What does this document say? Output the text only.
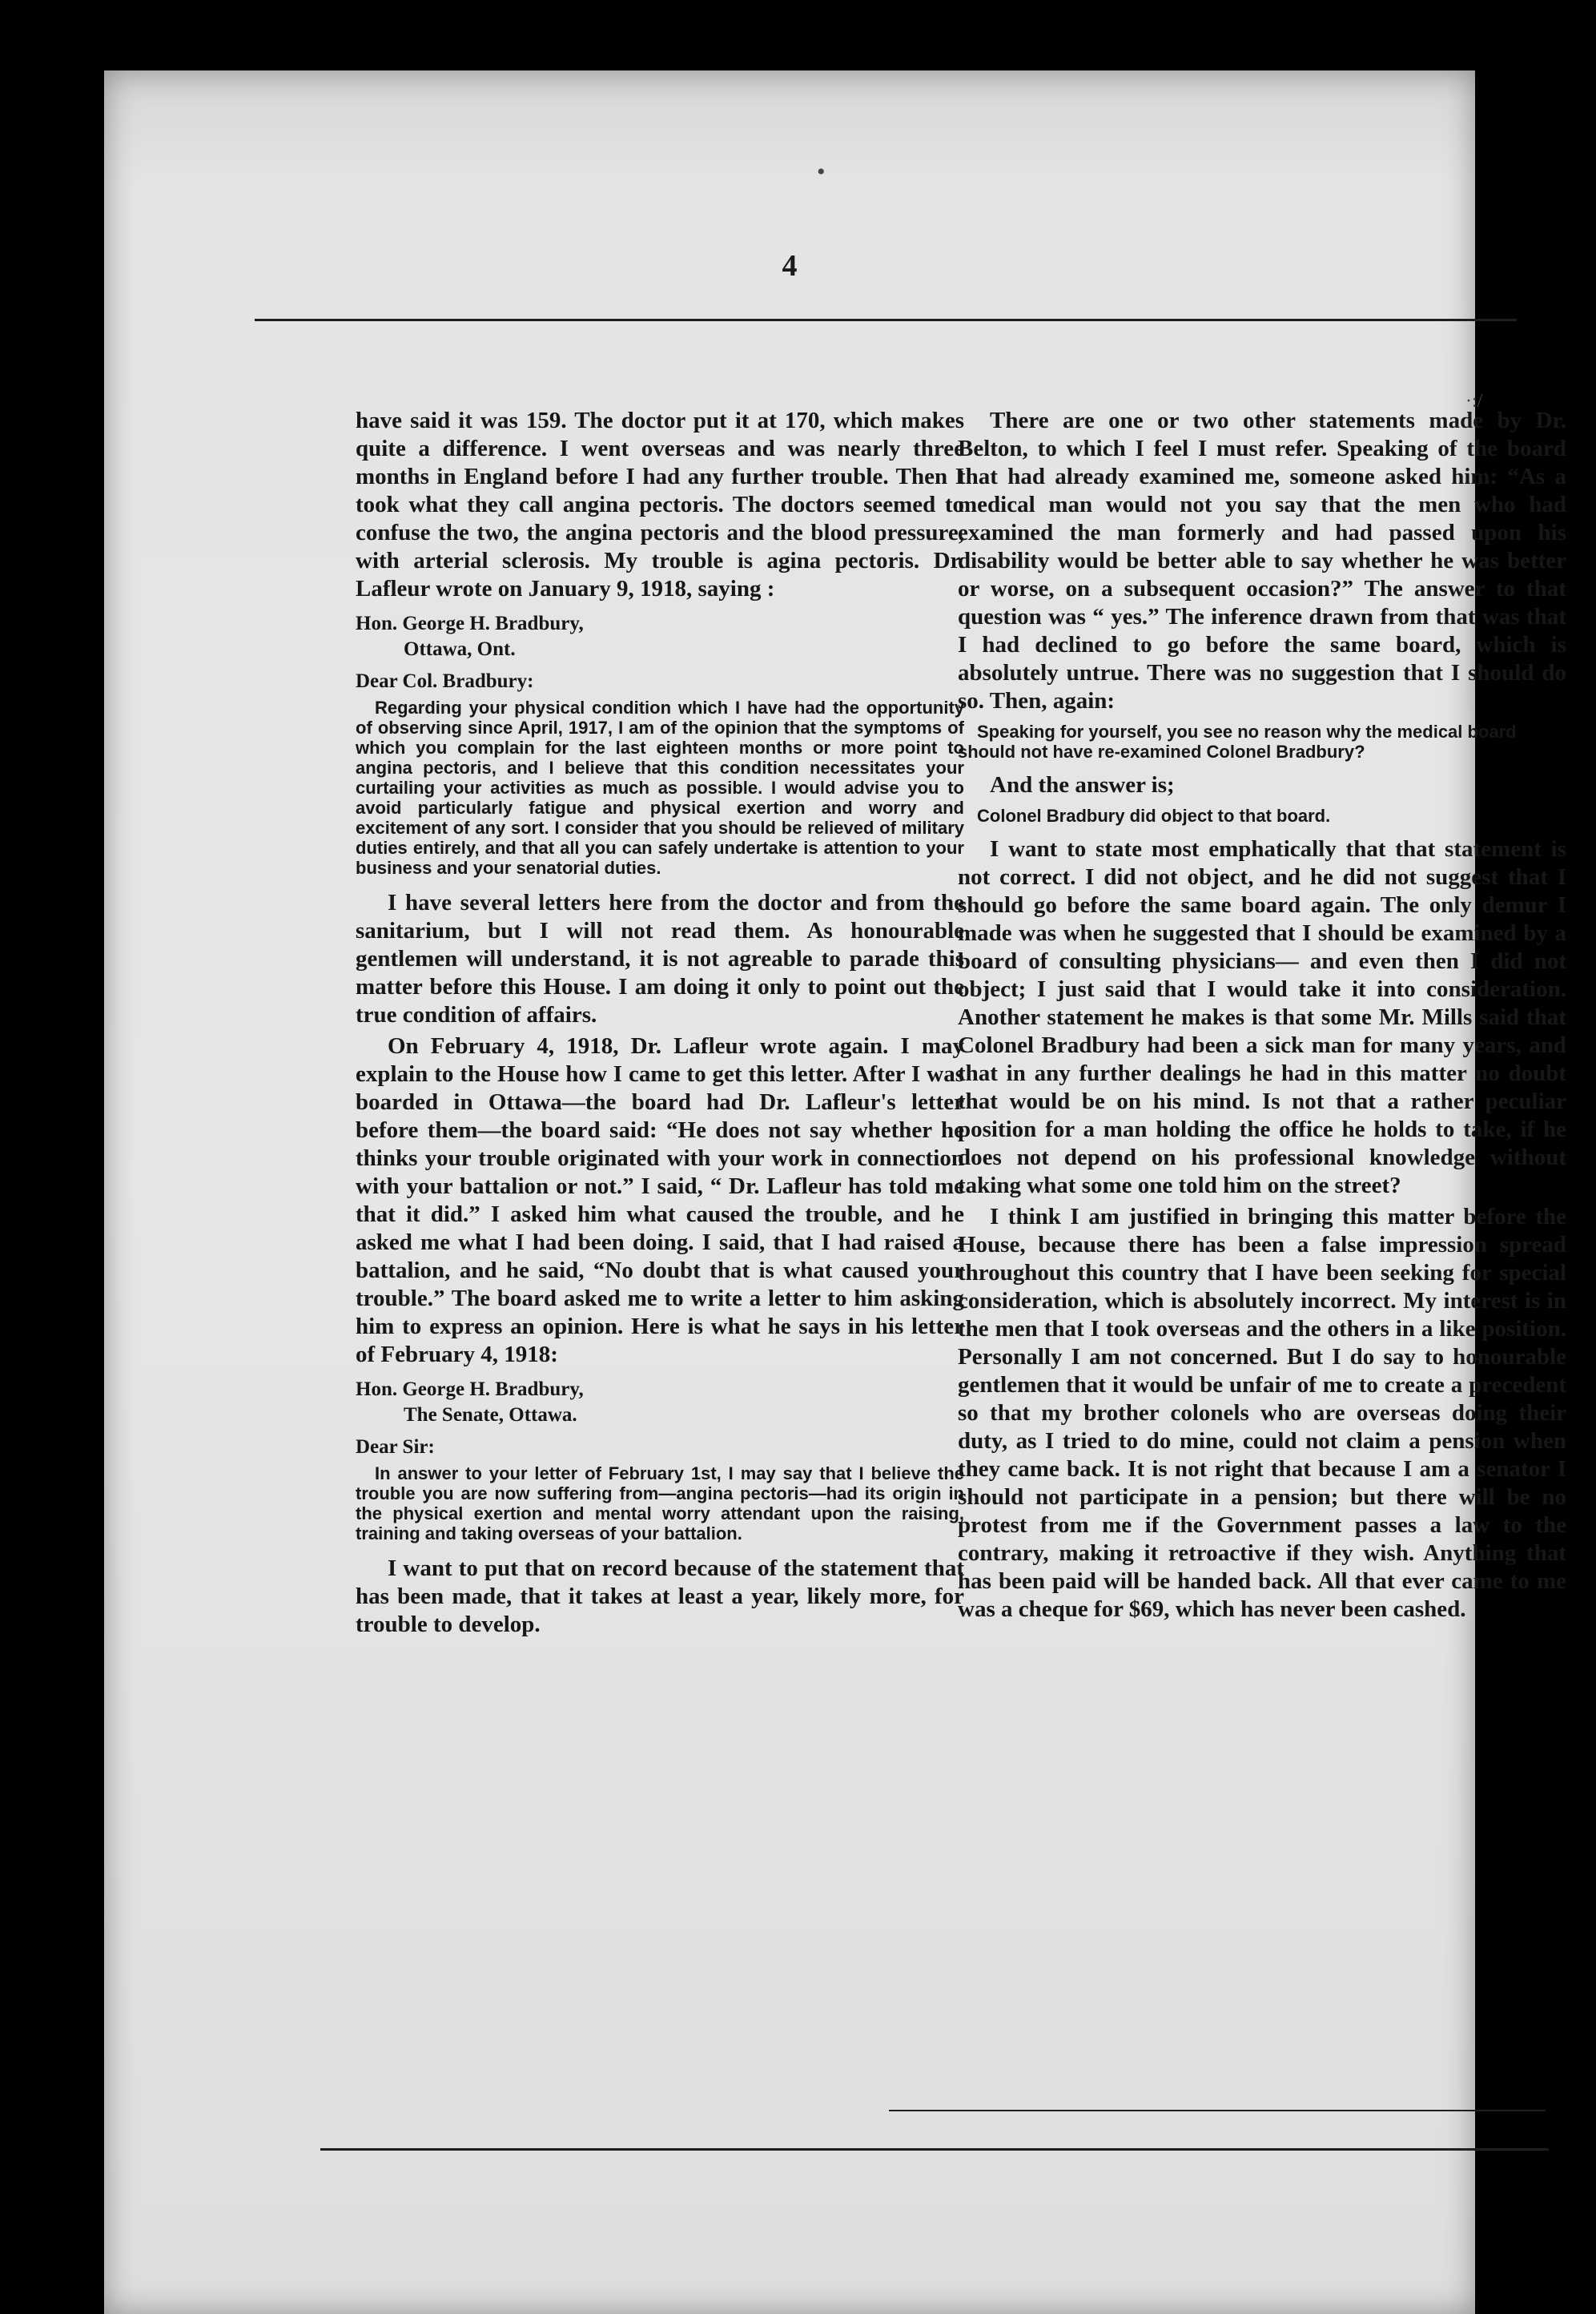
4

have said it was 159. The doctor put it at 170, which makes quite a difference. I went overseas and was nearly three months in England before I had any further trouble. Then I took what they call angina pectoris. The doctors seemed to confuse the two, the angina pectoris and the blood pressure, with arterial sclerosis. My trouble is agina pectoris. Dr. Lafleur wrote on January 9, 1918, saying :

Hon. George H. Bradbury,
Ottawa, Ont.
Dear Col. Bradbury:
Regarding your physical condition which I have had the opportunity of observing since April, 1917, I am of the opinion that the symptoms of which you complain for the last eighteen months or more point to angina pectoris, and I believe that this condition necessitates your curtailing your activities as much as possible. I would advise you to avoid particularly fatigue and physical exertion and worry and excitement of any sort. I consider that you should be relieved of military duties entirely, and that all you can safely undertake is attention to your business and your senatorial duties.

I have several letters here from the doctor and from the sanitarium, but I will not read them. As honourable gentlemen will understand, it is not agreable to parade this matter before this House. I am doing it only to point out the true condition of affairs.

On February 4, 1918, Dr. Lafleur wrote again. I may explain to the House how I came to get this letter. After I was boarded in Ottawa—the board had Dr. Lafleur's letter before them—the board said: “He does not say whether he thinks your trouble originated with your work in connection with your battalion or not.” I said, “ Dr. Lafleur has told me that it did.” I asked him what caused the trouble, and he asked me what I had been doing. I said, that I had raised a battalion, and he said, “No doubt that is what caused your trouble.” The board asked me to write a letter to him asking him to express an opinion. Here is what he says in his letter of February 4, 1918:

Hon. George H. Bradbury,
The Senate, Ottawa.
Dear Sir:
In answer to your letter of February 1st, I may say that I believe the trouble you are now suffering from—angina pectoris—had its origin in the physical exertion and mental worry attendant upon the raising, training and taking overseas of your battalion.

I want to put that on record because of the statement that has been made, that it takes at least a year, likely more, for trouble to develop.

There are one or two other statements made by Dr. Belton, to which I feel I must refer. Speaking of the board that had already examined me, someone asked him: “As a medical man would not you say that the men who had examined the man formerly and had passed upon his disability would be better able to say whether he was better or worse, on a subsequent occasion?” The answer to that question was “ yes.” The inference drawn from that was that I had declined to go before the same board, which is absolutely untrue. There was no suggestion that I should do so. Then, again:

Speaking for yourself, you see no reason why the medical board should not have re-examined Colonel Bradbury?

And the answer is;

Colonel Bradbury did object to that board.

I want to state most emphatically that that statement is not correct. I did not object, and he did not suggest that I should go before the same board again. The only demur I made was when he suggested that I should be examined by a board of consulting physicians— and even then I did not object; I just said that I would take it into consideration. Another statement he makes is that some Mr. Mills said that Colonel Bradbury had been a sick man for many years, and that in any further dealings he had in this matter no doubt that would be on his mind. Is not that a rather peculiar position for a man holding the office he holds to take, if he does not depend on his professional knowledge without taking what some one told him on the street?

I think I am justified in bringing this matter before the House, because there has been a false impression spread throughout this country that I have been seeking for special consideration, which is absolutely incorrect. My interest is in the men that I took overseas and the others in a like position. Personally I am not concerned. But I do say to honourable gentlemen that it would be unfair of me to create a precedent so that my brother colonels who are overseas doing their duty, as I tried to do mine, could not claim a pension when they came back. It is not right that because I am a senator I should not participate in a pension; but there will be no protest from me if the Government passes a law to the contrary, making it retroactive if they wish. Anything that has been paid will be handed back. All that ever came to me was a cheque for $69, which has never been cashed.

•
·:/
